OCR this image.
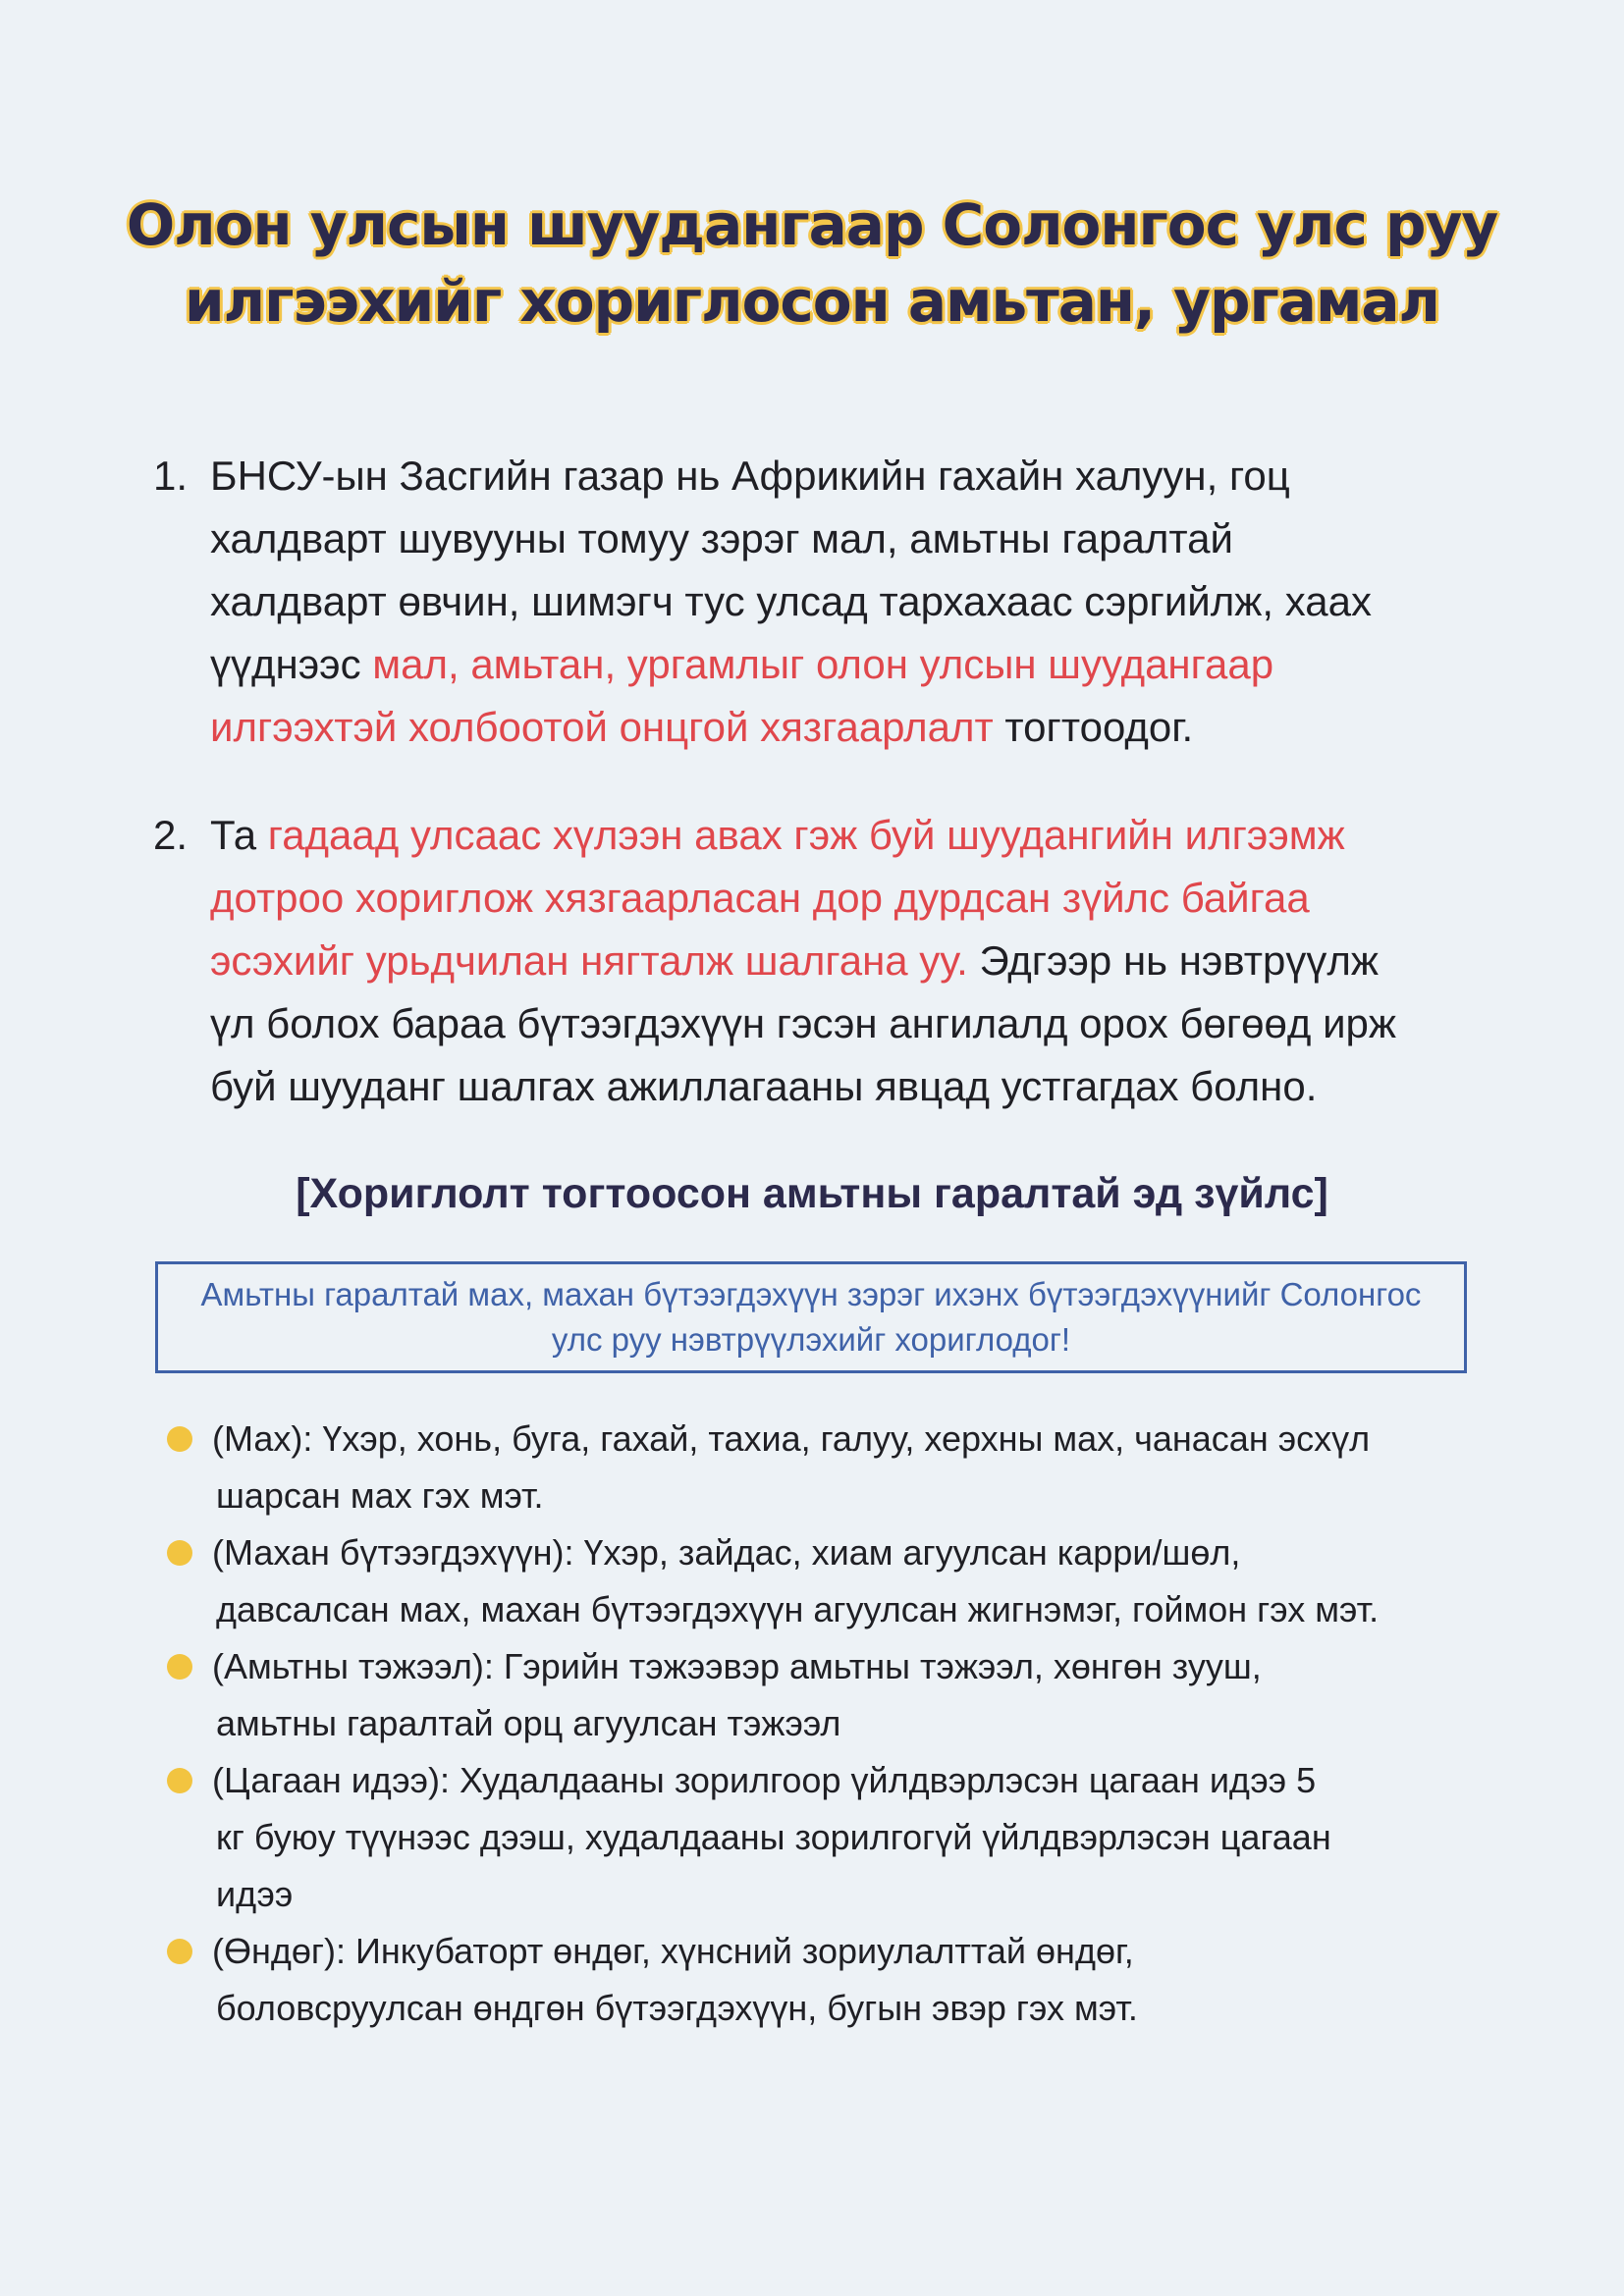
Олон улсын шуудангаар Солонгос улс руу
илгээхийг хориглосон амьтан, ургамал
1. БНСУ-ын Засгийн газар нь Африкийн гахайн халуун, гоц
халдварт шувууны томуу зэрэг мал, амьтны гаралтай
халдварт өвчин, шимэгч тус улсад тархахаас сэргийлж, хаах
үүднээс мал, амьтан, ургамлыг олон улсын шуудангаар
илгээхтэй холбоотой онцгой хязгаарлалт тогтоодог.
2. Та гадаад улсаас хүлээн авах гэж буй шуудангийн илгээмж
дотроо хориглож хязгаарласан дор дурдсан зүйлс байгаа
эсэхийг урьдчилан нягталж шалгана уу. Эдгээр нь нэвтрүүлж
үл болох бараа бүтээгдэхүүн гэсэн ангилалд орох бөгөөд ирж
буй шууданг шалгах ажиллагааны явцад устгагдах болно.
[Хориглолт тогтоосон амьтны гаралтай эд зүйлс]
Амьтны гаралтай мах, махан бүтээгдэхүүн зэрэг ихэнх бүтээгдэхүүнийг Солонгос
улс руу нэвтрүүлэхийг хориглодог!
(Мах): Үхэр, хонь, буга, гахай, тахиа, галуу, херхны мах, чанасан эсхүл
шарсан мах гэх мэт.
(Махан бүтээгдэхүүн): Үхэр, зайдас, хиам агуулсан карри/шөл,
давсалсан мах, махан бүтээгдэхүүн агуулсан жигнэмэг, гоймон гэх мэт.
(Амьтны тэжээл): Гэрийн тэжээвэр амьтны тэжээл, хөнгөн зууш,
амьтны гаралтай орц агуулсан тэжээл
(Цагаан идээ): Худалдааны зорилгоор үйлдвэрлэсэн цагаан идээ 5
кг буюу түүнээс дээш, худалдааны зорилгогүй үйлдвэрлэсэн цагаан
идээ
(Өндөг): Инкубаторт өндөг, хүнсний зориулалттай өндөг,
боловсруулсан өндгөн бүтээгдэхүүн, бугын эвэр гэх мэт.
